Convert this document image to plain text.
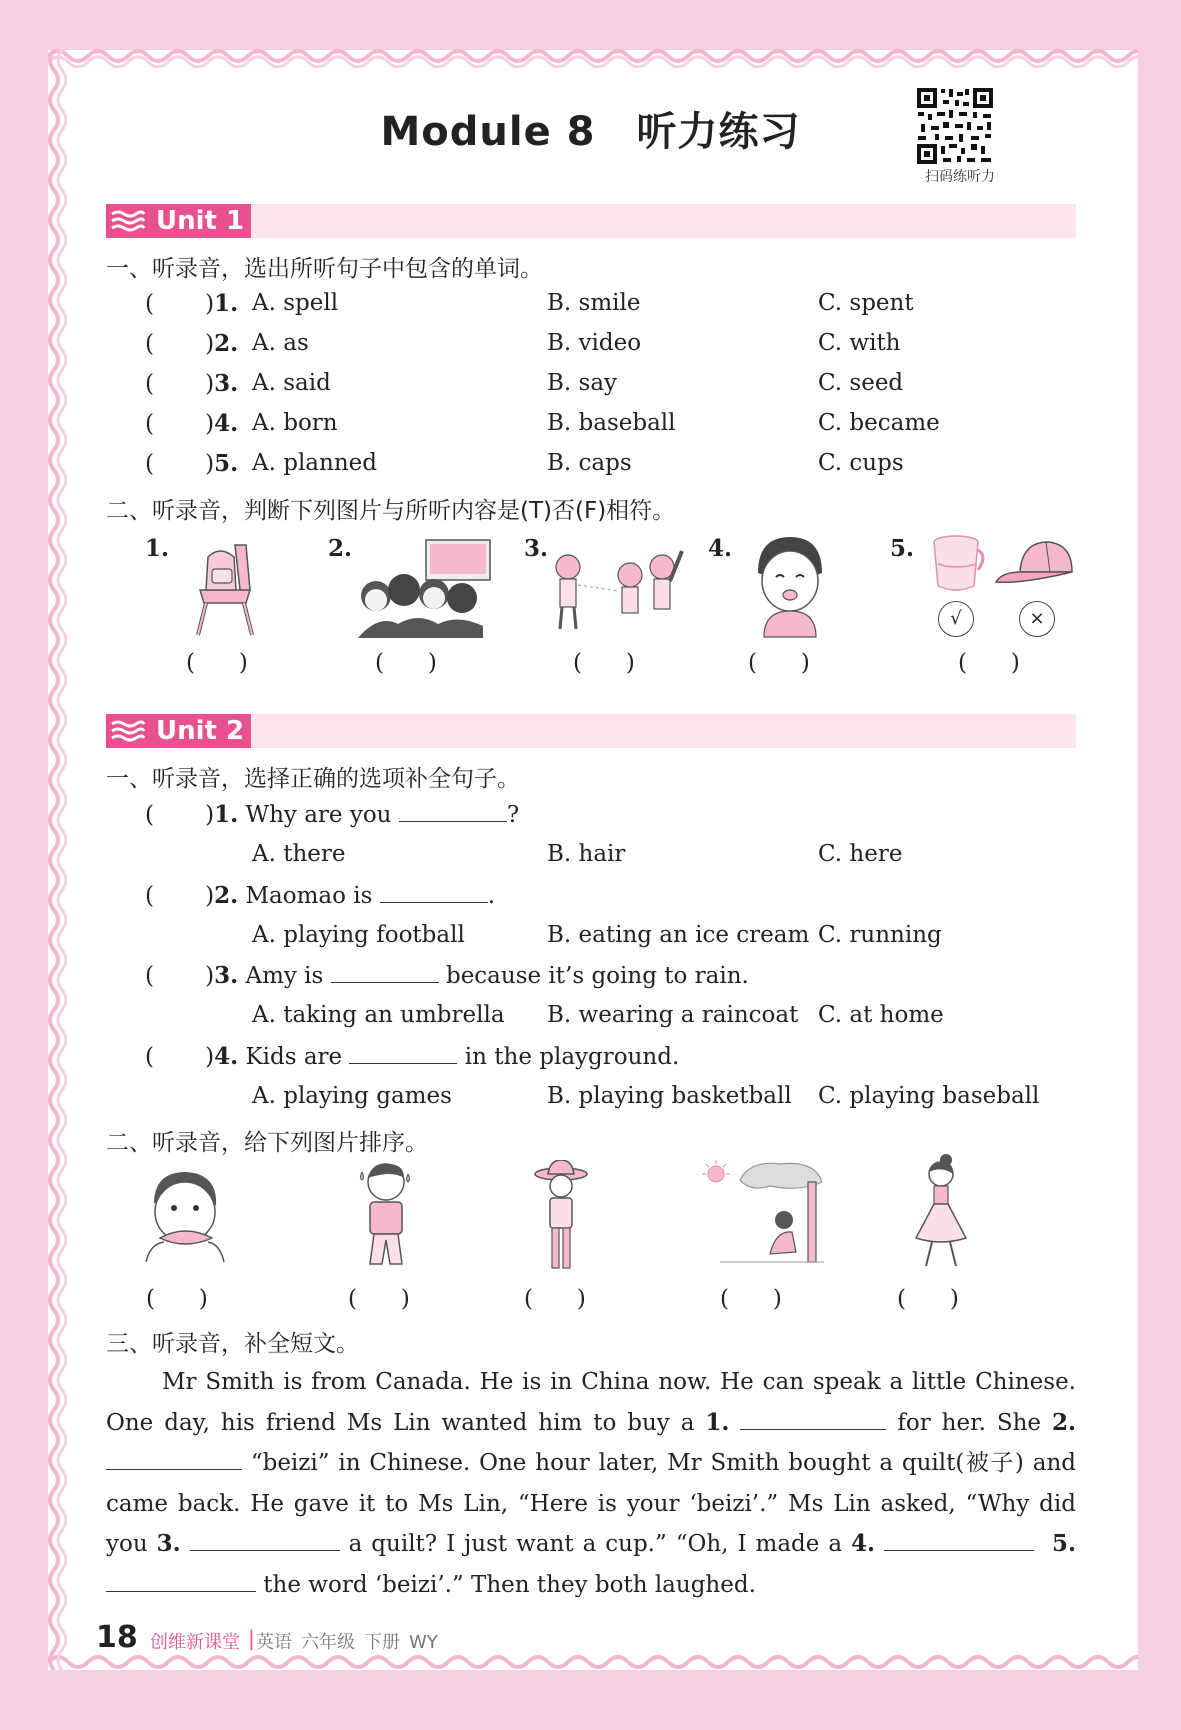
Module 8　听力练习
扫码练听力
Unit 1
一、听录音，选出所听句子中包含的单词。
(       )1. A. spell	B. smile	C. spent
(       )2. A. as	B. video	C. with
(       )3. A. said	B. say	C. seed
(       )4. A. born	B. baseball	C. became
(       )5. A. planned	B. caps	C. cups
二、听录音，判断下列图片与所听内容是(T)否(F)相符。
1.
(      )
2.
(      )
3.
(      )
4.
(      )
5.
√	×
(      )
Unit 2
一、听录音，选择正确的选项补全句子。
(       )1. Why are you	?
A. there	B. hair	C. here
(       )2. Maomao is	.
A. playing football	B. eating an ice cream C. running
(       )3. Amy is	because it’s going to rain.
A. taking an umbrella B. wearing a raincoat C. at home
(       )4. Kids are	in the playground.
A. playing games	B. playing basketball C. playing baseball
二、听录音，给下列图片排序。
(      )	(      )	(      )	(      )	(      )
三、听录音，补全短文。
Mr Smith is from Canada. He is in China now. He can speak a little Chinese. One day, his friend Ms Lin wanted him to buy a 1.	for her. She 2.  “beizi” in Chinese. One hour later, Mr Smith bought a quilt(被子) and came back. He gave it to Ms Lin, “Here is your ‘beizi’.” Ms Lin asked, “Why did you 3.	a quilt? I just want a cup.” “Oh, I made a 4.	5.  the word ‘beizi’.” Then they both laughed.
18 创维新课堂 | 英语 六年级 下册 WY
